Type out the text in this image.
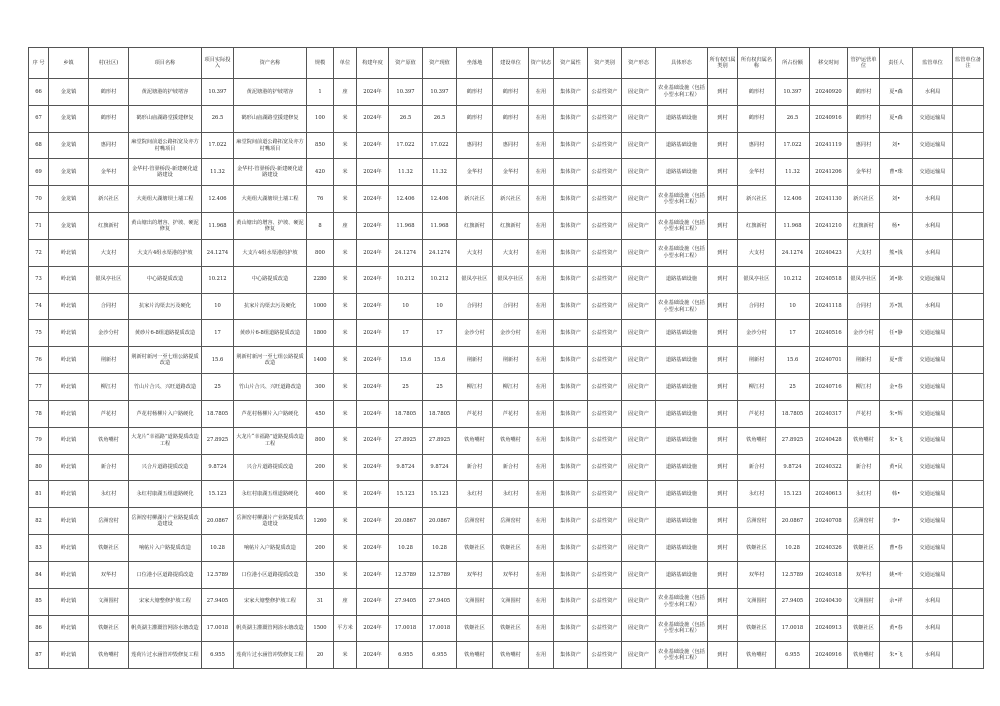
序 号	乡镇	村(社区)	项目名称	项目实际投入	资产名称	规模	单位	构建年度	资产原值	资产现值	坐落地	建设单位	资产状态	资产属性	资产类别	资产形态	具体形态	所有权归属类别	所有权归属名称	所占份额	移交时间	管护运营单位	责任人	监管单位	监管单位备注
66	金龙镇	鹤形村	黄泥塘港的护坡堵容	10.397	黄泥塘港的护坡堵容	1	座	2024年	10.397	10.397	鹤形村	鹤形村	在用	集体资产	公益性资产	固定资产	农业基础设施（包括小型水利工程）	到村	鹤形村	10.397	20240920	鹤形村	夏•森	水利局	
67	金龙镇	鹤形村	鹤形山庙湖路堂援建修复	26.5	鹤形山庙湖路堂援建修复	100	米	2024年	26.5	26.5	鹤形村	鹤形村	在用	集体资产	公益性资产	固定资产	道路基础设施	到村	鹤形村	26.5	20240916	鹤形村	夏•森	交通运输局	
68	金龙镇	惠同村	麻堂院间前道公路拓宽及亦方村嘴项目	17.022	麻堂院间前道公路拓宽及亦方村嘴项目	850	米	2024年	17.022	17.022	惠同村	惠同村	在用	集体资产	公益性资产	固定资产	道路基础设施	到村	惠同村	17.022	20241119	惠同村	刘•	交通运输局	
69	金龙镇	金华村	金华村-管驿桥段-新建硬化道路建设	11.32	金华村-管驿桥段-新建硬化道路建设	420	米	2024年	11.32	11.32	金华村	金华村	在用	集体资产	公益性资产	固定资产	道路基础设施	到村	金华村	11.32	20241206	金华村	曹•珠	交通运输局	
70	金龙镇	新兴社区	大苑组大湖塘坝土墙工程	12.406	大苑组大湖塘坝土墙工程	76	米	2024年	12.406	12.406	新兴社区	新兴社区	在用	集体资产	公益性资产	固定资产	农业基础设施（包括小型水利工程）	到村	新兴社区	12.406	20241130	新兴社区	刘•	水利局	
71	金龙镇	红旗新村	黄山塘出的增容、护坡、硬泥修复	11.968	黄山塘出的增容、护坡、硬泥修复	8	座	2024年	11.968	11.968	红旗新村	红旗新村	在用	集体资产	公益性资产	固定资产	农业基础设施（包括小型水利工程）	到村	红旗新村	11.968	20241210	红旗新村	杨•	水利局	
72	岭北镇	大支村	大支片4组水渠港的护坡	24.1274	大支片4组水渠港的护坡	800	米	2024年	24.1274	24.1274	大支村	大支村	在用	集体资产	公益性资产	固定资产	农业基础设施（包括小型水利工程）	到村	大支村	24.1274	20240423	大支村	熊•钱	水利局	
73	岭北镇	银凤亭社区	中心路提质改造	10.212	中心路提质改造	2280	米	2024年	10.212	10.212	银凤亭社区	银凤亭社区	在用	集体资产	公益性资产	固定资产	道路基础设施	到村	银凤亭社区	10.212	20240518	银凤亭社区	刘•陈	交通运输局	
74	岭北镇	合同村	抗家片沟渠去污及硬化	10	抗家片沟渠去污及硬化	1000	米	2024年	10	10	合同村	合同村	在用	集体资产	公益性资产	固定资产	农业基础设施（包括小型水利工程）	到村	合同村	10	20241118	合同村	苏•凯	水利局	
75	岭北镇	金沙分村	黄砂片6-8组道路提质改造	17	黄砂片6-8组道路提质改造	1800	米	2024年	17	17	金沙分村	金沙分村	在用	集体资产	公益性资产	固定资产	道路基础设施	到村	金沙分村	17	20240516	金沙分村	任•静	交通运输局	
76	岭北镇	荆新村	荆新村新河一至七组公路提质改造	15.6	荆新村新河一至七组公路提质改造	1400	米	2024年	15.6	15.6	荆新村	荆新村	在用	集体资产	公益性资产	固定资产	道路基础设施	到村	荆新村	15.6	20240701	荆新村	夏•蕾	交通运输局	
77	岭北镇	柳江村	竹山片合兴、兴旺道路改造	25	竹山片合兴、兴旺道路改造	300	米	2024年	25	25	柳江村	柳江村	在用	集体资产	公益性资产	固定资产	道路基础设施	到村	柳江村	25	20240716	柳江村	金•春	交通运输局	
78	岭北镇	芦花村	芦花村杨柳片入户路硬化	18.7805	芦花村杨柳片入户路硬化	450	米	2024年	18.7805	18.7805	芦花村	芦花村	在用	集体资产	公益性资产	固定资产	道路基础设施	到村	芦花村	18.7805	20240317	芦花村	朱•辉	交通运输局	
79	岭北镇	铁角嘴村	大龙片“幸福路”道路提质改造工程	27.8925	大龙片“幸福路”道路提质改造工程	800	米	2024年	27.8925	27.8925	铁角嘴村	铁角嘴村	在用	集体资产	公益性资产	固定资产	道路基础设施	到村	铁角嘴村	27.8925	20240428	铁角嘴村	朱•飞	交通运输局	
80	岭北镇	新合村	兴合片道路提质改造	9.8724	兴合片道路提质改造	200	米	2024年	9.8724	9.8724	新合村	新合村	在用	集体资产	公益性资产	固定资产	道路基础设施	到村	新合村	9.8724	20240322	新合村	黄•民	交通运输局	
81	岭北镇	永红村	永红村康湖五组道路硬化	15.123	永红村康湖五组道路硬化	400	米	2024年	15.123	15.123	永红村	永红村	在用	集体资产	公益性资产	固定资产	道路基础设施	到村	永红村	15.123	20240613	永红村	韩•	交通运输局	
82	岭北镇	岳洲窑村	岳洲窑村柳湖片产业路提质改造建设	20.0867	岳洲窑村柳湖片产业路提质改造建设	1260	米	2024年	20.0867	20.0867	岳洲窑村	岳洲窑村	在用	集体资产	公益性资产	固定资产	道路基础设施	到村	岳洲窑村	20.0867	20240708	岳洲窑村	李•	交通运输局	
83	岭北镇	铁姬社区	响帖片入户路提质改造	10.28	响帖片入户路提质改造	200	米	2024年	10.28	10.28	铁姬社区	铁姬社区	在用	集体资产	公益性资产	固定资产	道路基础设施	到村	铁姬社区	10.28	20240326	铁姬社区	曹•春	交通运输局	
84	岭北镇	双华村	口位港小区道路提质改造	12.5789	口位港小区道路提质改造	350	米	2024年	12.5789	12.5789	双华村	双华村	在用	集体资产	公益性资产	固定资产	道路基础设施	到村	双华村	12.5789	20240318	双华村	姚•叶	交通运输局	
85	岭北镇	文洲围村	宋家大塘整修护坡工程	27.9405	宋家大塘整修护坡工程	31	座	2024年	27.9405	27.9405	文洲围村	文洲围村	在用	集体资产	公益性资产	固定资产	农业基础设施（包括小型水利工程）	到村	文洲围村	27.9405	20240430	文洲围村	余•祥	水利局	
86	岭北镇	铁姬社区	帆英湖主灌溉管网浴水塘改造	17.0018	帆英湖主灌溉管网浴水塘改造	1500	平方米	2024年	17.0018	17.0018	铁姬社区	铁姬社区	在用	集体资产	公益性资产	固定资产	农业基础设施（包括小型水利工程）	到村	铁姬社区	17.0018	20240913	铁姬社区	黄•春	水利局	
87	岭北镇	铁角嘴村	莲荷片过水涵管冲毁修复工程	6.955	莲荷片过水涵管冲毁修复工程	20	米	2024年	6.955	6.955	铁角嘴村	铁角嘴村	在用	集体资产	公益性资产	固定资产	农业基础设施（包括小型水利工程）	到村	铁角嘴村	6.955	20240916	铁角嘴村	朱•飞	水利局	
